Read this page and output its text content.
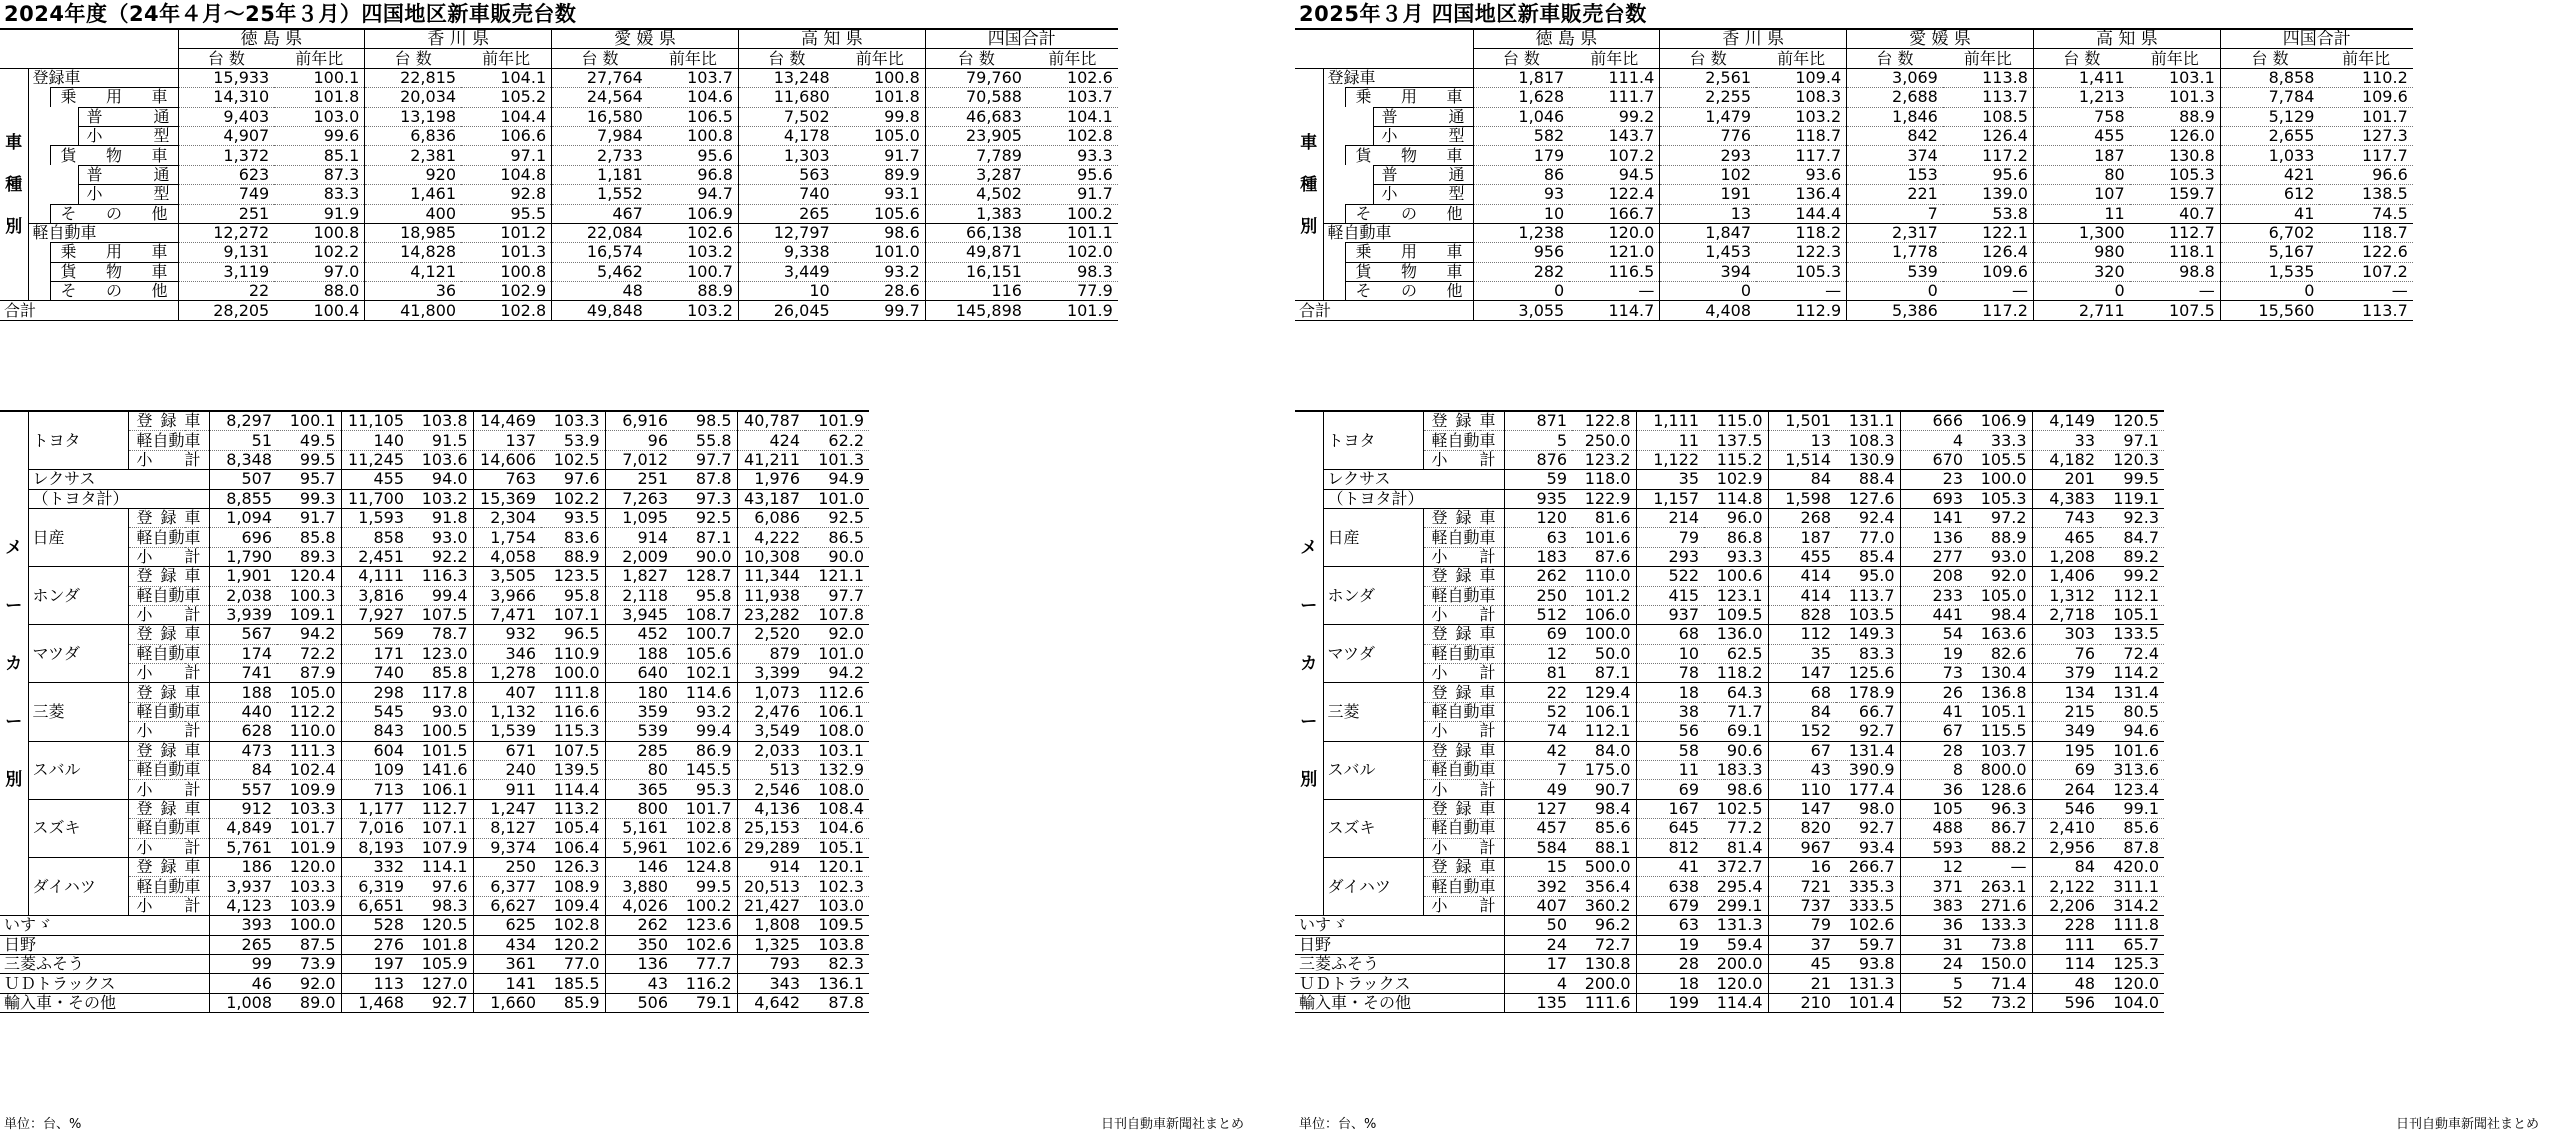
2024年度（24年４月～25年３月）四国地区新車販売台数
				徳 島 県		香 川 県		愛 媛 県		高 知 県		四国合計	
				台 数	前年比	台 数	前年比	台 数	前年比	台 数	前年比	台 数	前年比
車種別	登録車			15,933	100.1	22,815	104.1	27,764	103.7	13,248	100.8	79,760	102.6
		乗用車		14,310	101.8	20,034	105.2	24,564	104.6	11,680	101.8	70,588	103.7
			普通	9,403	103.0	13,198	104.4	16,580	106.5	7,502	99.8	46,683	104.1
			小型	4,907	99.6	6,836	106.6	7,984	100.8	4,178	105.0	23,905	102.8
		貨物車		1,372	85.1	2,381	97.1	2,733	95.6	1,303	91.7	7,789	93.3
			普通	623	87.3	920	104.8	1,181	96.8	563	89.9	3,287	95.6
			小型	749	83.3	1,461	92.8	1,552	94.7	740	93.1	4,502	91.7
		その他		251	91.9	400	95.5	467	106.9	265	105.6	1,383	100.2
	軽自動車			12,272	100.8	18,985	101.2	22,084	102.6	12,797	98.6	66,138	101.1
		乗用車		9,131	102.2	14,828	101.3	16,574	103.2	9,338	101.0	49,871	102.0
		貨物車		3,119	97.0	4,121	100.8	5,462	100.7	3,449	93.2	16,151	98.3
		その他		22	88.0	36	102.9	48	88.9	10	28.6	116	77.9
合計				28,205	100.4	41,800	102.8	49,848	103.2	26,045	99.7	145,898	101.9
メーカー別	トヨタ	登録車	8,297	100.1	11,105	103.8	14,469	103.3	6,916	98.5	40,787	101.9
		軽自動車	51	49.5	140	91.5	137	53.9	96	55.8	424	62.2
		小計	8,348	99.5	11,245	103.6	14,606	102.5	7,012	97.7	41,211	101.3
	レクサス		507	95.7	455	94.0	763	97.6	251	87.8	1,976	94.9
	（トヨタ計）		8,855	99.3	11,700	103.2	15,369	102.2	7,263	97.3	43,187	101.0
	日産	登録車	1,094	91.7	1,593	91.8	2,304	93.5	1,095	92.5	6,086	92.5
		軽自動車	696	85.8	858	93.0	1,754	83.6	914	87.1	4,222	86.5
		小計	1,790	89.3	2,451	92.2	4,058	88.9	2,009	90.0	10,308	90.0
	ホンダ	登録車	1,901	120.4	4,111	116.3	3,505	123.5	1,827	128.7	11,344	121.1
		軽自動車	2,038	100.3	3,816	99.4	3,966	95.8	2,118	95.8	11,938	97.7
		小計	3,939	109.1	7,927	107.5	7,471	107.1	3,945	108.7	23,282	107.8
	マツダ	登録車	567	94.2	569	78.7	932	96.5	452	100.7	2,520	92.0
		軽自動車	174	72.2	171	123.0	346	110.9	188	105.6	879	101.0
		小計	741	87.9	740	85.8	1,278	100.0	640	102.1	3,399	94.2
	三菱	登録車	188	105.0	298	117.8	407	111.8	180	114.6	1,073	112.6
		軽自動車	440	112.2	545	93.0	1,132	116.6	359	93.2	2,476	106.1
		小計	628	110.0	843	100.5	1,539	115.3	539	99.4	3,549	108.0
	スバル	登録車	473	111.3	604	101.5	671	107.5	285	86.9	2,033	103.1
		軽自動車	84	102.4	109	141.6	240	139.5	80	145.5	513	132.9
		小計	557	109.9	713	106.1	911	114.4	365	95.3	2,546	108.0
	スズキ	登録車	912	103.3	1,177	112.7	1,247	113.2	800	101.7	4,136	108.4
		軽自動車	4,849	101.7	7,016	107.1	8,127	105.4	5,161	102.8	25,153	104.6
		小計	5,761	101.9	8,193	107.9	9,374	106.4	5,961	102.6	29,289	105.1
	ダイハツ	登録車	186	120.0	332	114.1	250	126.3	146	124.8	914	120.1
		軽自動車	3,937	103.3	6,319	97.6	6,377	108.9	3,880	99.5	20,513	102.3
		小計	4,123	103.9	6,651	98.3	6,627	109.4	4,026	100.2	21,427	103.0
いすゞ			393	100.0	528	120.5	625	102.8	262	123.6	1,808	109.5
日野			265	87.5	276	101.8	434	120.2	350	102.6	1,325	103.8
三菱ふそう			99	73.9	197	105.9	361	77.0	136	77.7	793	82.3
ＵＤトラックス			46	92.0	113	127.0	141	185.5	43	116.2	343	136.1
輸入車・その他			1,008	89.0	1,468	92.7	1,660	85.9	506	79.1	4,642	87.8
単位：台、%	日刊自動車新聞社まとめ
2025年３月 四国地区新車販売台数
				徳 島 県		香 川 県		愛 媛 県		高 知 県		四国合計	
				台 数	前年比	台 数	前年比	台 数	前年比	台 数	前年比	台 数	前年比
車種別	登録車			1,817	111.4	2,561	109.4	3,069	113.8	1,411	103.1	8,858	110.2
		乗用車		1,628	111.7	2,255	108.3	2,688	113.7	1,213	101.3	7,784	109.6
			普通	1,046	99.2	1,479	103.2	1,846	108.5	758	88.9	5,129	101.7
			小型	582	143.7	776	118.7	842	126.4	455	126.0	2,655	127.3
		貨物車		179	107.2	293	117.7	374	117.2	187	130.8	1,033	117.7
			普通	86	94.5	102	93.6	153	95.6	80	105.3	421	96.6
			小型	93	122.4	191	136.4	221	139.0	107	159.7	612	138.5
		その他		10	166.7	13	144.4	7	53.8	11	40.7	41	74.5
	軽自動車			1,238	120.0	1,847	118.2	2,317	122.1	1,300	112.7	6,702	118.7
		乗用車		956	121.0	1,453	122.3	1,778	126.4	980	118.1	5,167	122.6
		貨物車		282	116.5	394	105.3	539	109.6	320	98.8	1,535	107.2
		その他		0	—	0	—	0	—	0	—	0	—
合計				3,055	114.7	4,408	112.9	5,386	117.2	2,711	107.5	15,560	113.7
メーカー別	トヨタ	登録車	871	122.8	1,111	115.0	1,501	131.1	666	106.9	4,149	120.5
		軽自動車	5	250.0	11	137.5	13	108.3	4	33.3	33	97.1
		小計	876	123.2	1,122	115.2	1,514	130.9	670	105.5	4,182	120.3
	レクサス		59	118.0	35	102.9	84	88.4	23	100.0	201	99.5
	（トヨタ計）		935	122.9	1,157	114.8	1,598	127.6	693	105.3	4,383	119.1
	日産	登録車	120	81.6	214	96.0	268	92.4	141	97.2	743	92.3
		軽自動車	63	101.6	79	86.8	187	77.0	136	88.9	465	84.7
		小計	183	87.6	293	93.3	455	85.4	277	93.0	1,208	89.2
	ホンダ	登録車	262	110.0	522	100.6	414	95.0	208	92.0	1,406	99.2
		軽自動車	250	101.2	415	123.1	414	113.7	233	105.0	1,312	112.1
		小計	512	106.0	937	109.5	828	103.5	441	98.4	2,718	105.1
	マツダ	登録車	69	100.0	68	136.0	112	149.3	54	163.6	303	133.5
		軽自動車	12	50.0	10	62.5	35	83.3	19	82.6	76	72.4
		小計	81	87.1	78	118.2	147	125.6	73	130.4	379	114.2
	三菱	登録車	22	129.4	18	64.3	68	178.9	26	136.8	134	131.4
		軽自動車	52	106.1	38	71.7	84	66.7	41	105.1	215	80.5
		小計	74	112.1	56	69.1	152	92.7	67	115.5	349	94.6
	スバル	登録車	42	84.0	58	90.6	67	131.4	28	103.7	195	101.6
		軽自動車	7	175.0	11	183.3	43	390.9	8	800.0	69	313.6
		小計	49	90.7	69	98.6	110	177.4	36	128.6	264	123.4
	スズキ	登録車	127	98.4	167	102.5	147	98.0	105	96.3	546	99.1
		軽自動車	457	85.6	645	77.2	820	92.7	488	86.7	2,410	85.6
		小計	584	88.1	812	81.4	967	93.4	593	88.2	2,956	87.8
	ダイハツ	登録車	15	500.0	41	372.7	16	266.7	12	—	84	420.0
		軽自動車	392	356.4	638	295.4	721	335.3	371	263.1	2,122	311.1
		小計	407	360.2	679	299.1	737	333.5	383	271.6	2,206	314.2
いすゞ			50	96.2	63	131.3	79	102.6	36	133.3	228	111.8
日野			24	72.7	19	59.4	37	59.7	31	73.8	111	65.7
三菱ふそう			17	130.8	28	200.0	45	93.8	24	150.0	114	125.3
ＵＤトラックス			4	200.0	18	120.0	21	131.3	5	71.4	48	120.0
輸入車・その他			135	111.6	199	114.4	210	101.4	52	73.2	596	104.0
単位：台、%	日刊自動車新聞社まとめ
